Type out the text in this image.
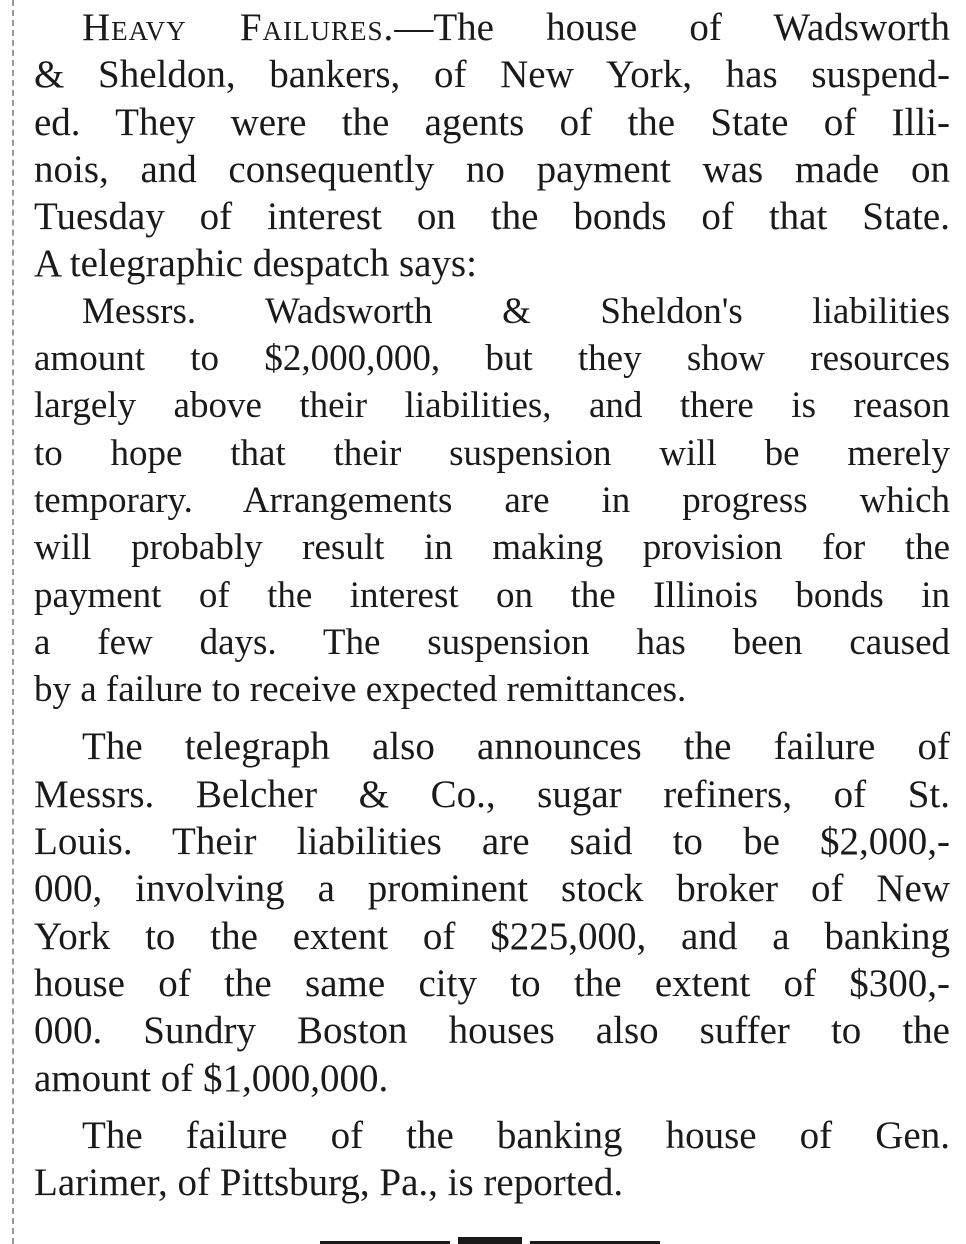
Heavy Failures.—The house of Wadsworth
& Sheldon, bankers, of New York, has suspend-
ed. They were the agents of the State of Illi-
nois, and consequently no payment was made on
Tuesday of interest on the bonds of that State.
A telegraphic despatch says:
Messrs. Wadsworth & Sheldon's liabilities
amount to $2,000,000, but they show resources
largely above their liabilities, and there is reason
to hope that their suspension will be merely
temporary. Arrangements are in progress which
will probably result in making provision for the
payment of the interest on the Illinois bonds in
a few days. The suspension has been caused
by a failure to receive expected remittances.
The telegraph also announces the failure of
Messrs. Belcher & Co., sugar refiners, of St.
Louis. Their liabilities are said to be $2,000,-
000, involving a prominent stock broker of New
York to the extent of $225,000, and a banking
house of the same city to the extent of $300,-
000. Sundry Boston houses also suffer to the
amount of $1,000,000.
The failure of the banking house of Gen.
Larimer, of Pittsburg, Pa., is reported.
